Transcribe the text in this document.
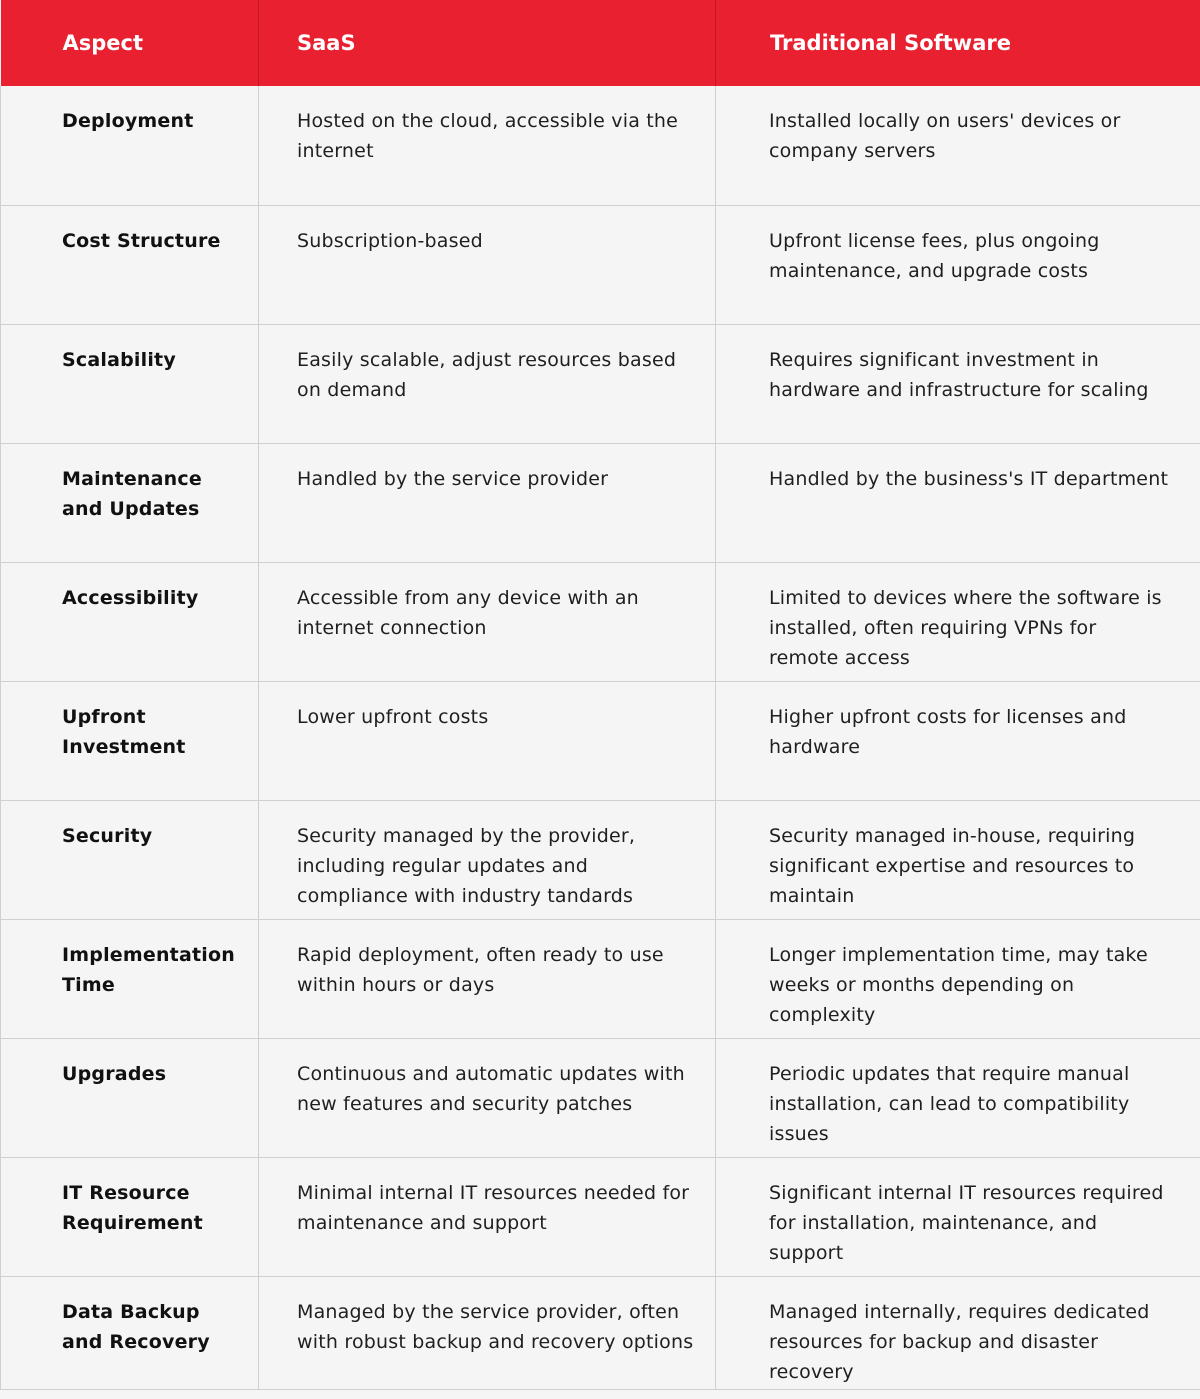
Aspect	SaaS	Traditional Software
Deployment	Hosted on the cloud, accessible via the internet	Installed locally on users' devices or company servers
Cost Structure	Subscription-based	Upfront license fees, plus ongoing maintenance, and upgrade costs
Scalability	Easily scalable, adjust resources based on demand	Requires significant investment in hardware and infrastructure for scaling
Maintenance and Updates	Handled by the service provider	Handled by the business's IT department
Accessibility	Accessible from any device with an internet connection	Limited to devices where the software is installed, often requiring VPNs for remote access
Upfront Investment	Lower upfront costs	Higher upfront costs for licenses and hardware
Security	Security managed by the provider, including regular updates and compliance with industry tandards	Security managed in-house, requiring significant expertise and resources to maintain
Implementation Time	Rapid deployment, often ready to use within hours or days	Longer implementation time, may take weeks or months depending on complexity
Upgrades	Continuous and automatic updates with new features and security patches	Periodic updates that require manual installation, can lead to compatibility issues
IT Resource Requirement	Minimal internal IT resources needed for maintenance and support	Significant internal IT resources required for installation, maintenance, and support
Data Backup and Recovery	Managed by the service provider, often with robust backup and recovery options	Managed internally, requires dedicated resources for backup and disaster recovery
